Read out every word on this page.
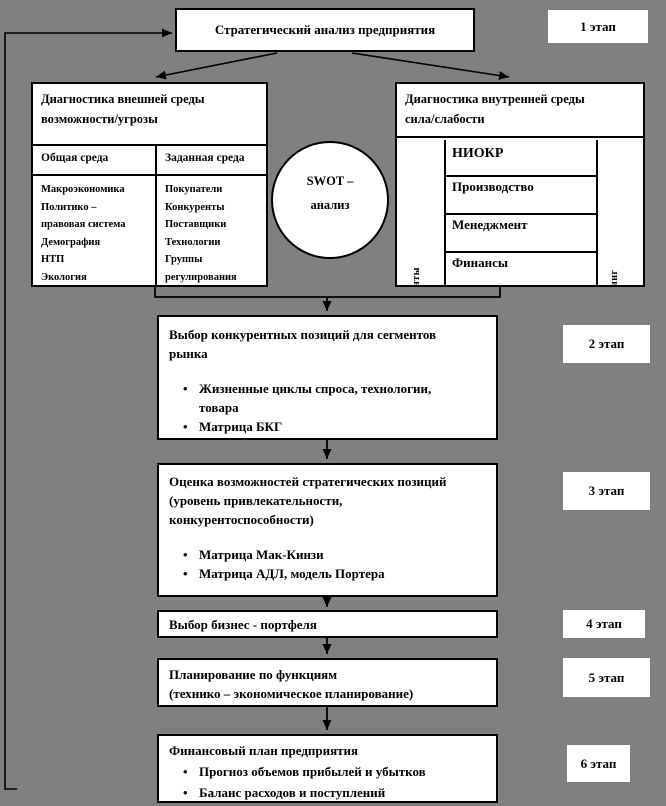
Стратегический анализ предприятия	1 этап
2 этап
3 этап
4 этап
5 этап
6 этап
Диагностика внешней среды
возможности/угрозы
Общая среда	Заданная среда
Макроэкономика
Политико –
правовая система
Демография
НТП
Экология
Покупатели
Конкуренты
Поставщики
Технологии
Группы
регулирования
SWOT –
анализ
Диагностика внутренней среды
сила/слабости
НИОКР
Производство
Менеджмент
Финансы
нты	инг
Выбор конкурентных позиций для сегментов
рынка
• Жизненные циклы спроса, технологии, товара
• Матрица БКГ
Оценка возможностей стратегических позиций
(уровень привлекательности,
конкурентоспособности)
• Матрица Мак-Кинзи
• Матрица АДЛ, модель Портера
Выбор бизнес - портфеля
Планирование по функциям
(технико – экономическое планирование)
Финансовый план предприятия
• Прогноз объемов прибылей и убытков
• Баланс расходов и поступлений
